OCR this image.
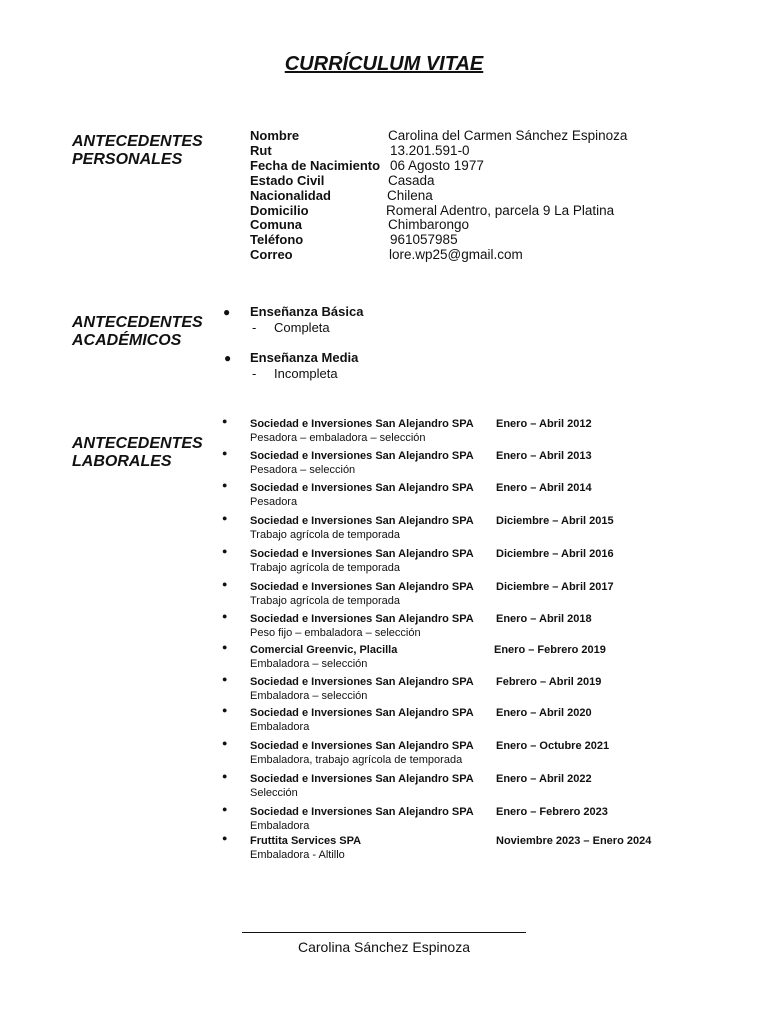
CURRÍCULUM VITAE
ANTECEDENTES
PERSONALES
Nombre	Carolina del Carmen Sánchez Espinoza
Rut	13.201.591-0
Fecha de Nacimiento 06 Agosto 1977
Estado Civil	Casada
Nacionalidad	Chilena
Domicilio	Romeral Adentro, parcela 9 La Platina
Comuna	Chimbarongo
Teléfono	961057985
Correo	lore.wp25@gmail.com
ANTECEDENTES
ACADÉMICOS
● Enseñanza Básica
- Completa
● Enseñanza Media
- Incompleta
ANTECEDENTES
LABORALES
● Sociedad e Inversiones San Alejandro SPA Enero – Abril 2012
Pesadora – embaladora – selección
● Sociedad e Inversiones San Alejandro SPA Enero – Abril 2013
Pesadora – selección
● Sociedad e Inversiones San Alejandro SPA Enero – Abril 2014
Pesadora
● Sociedad e Inversiones San Alejandro SPA Diciembre – Abril 2015
Trabajo agrícola de temporada
● Sociedad e Inversiones San Alejandro SPA Diciembre – Abril 2016
Trabajo agrícola de temporada
● Sociedad e Inversiones San Alejandro SPA Diciembre – Abril 2017
Trabajo agrícola de temporada
● Sociedad e Inversiones San Alejandro SPA Enero – Abril 2018
Peso fijo – embaladora – selección
● Comercial Greenvic, Placilla	Enero – Febrero 2019
Embaladora – selección
● Sociedad e Inversiones San Alejandro SPA Febrero – Abril 2019
Embaladora – selección
● Sociedad e Inversiones San Alejandro SPA Enero – Abril 2020
Embaladora
● Sociedad e Inversiones San Alejandro SPA Enero – Octubre 2021
Embaladora, trabajo agrícola de temporada
● Sociedad e Inversiones San Alejandro SPA Enero – Abril 2022
Selección
● Sociedad e Inversiones San Alejandro SPA Enero – Febrero 2023
Embaladora
● Fruttita Services SPA	Noviembre 2023 – Enero 2024
Embaladora - Altillo
Carolina Sánchez Espinoza
